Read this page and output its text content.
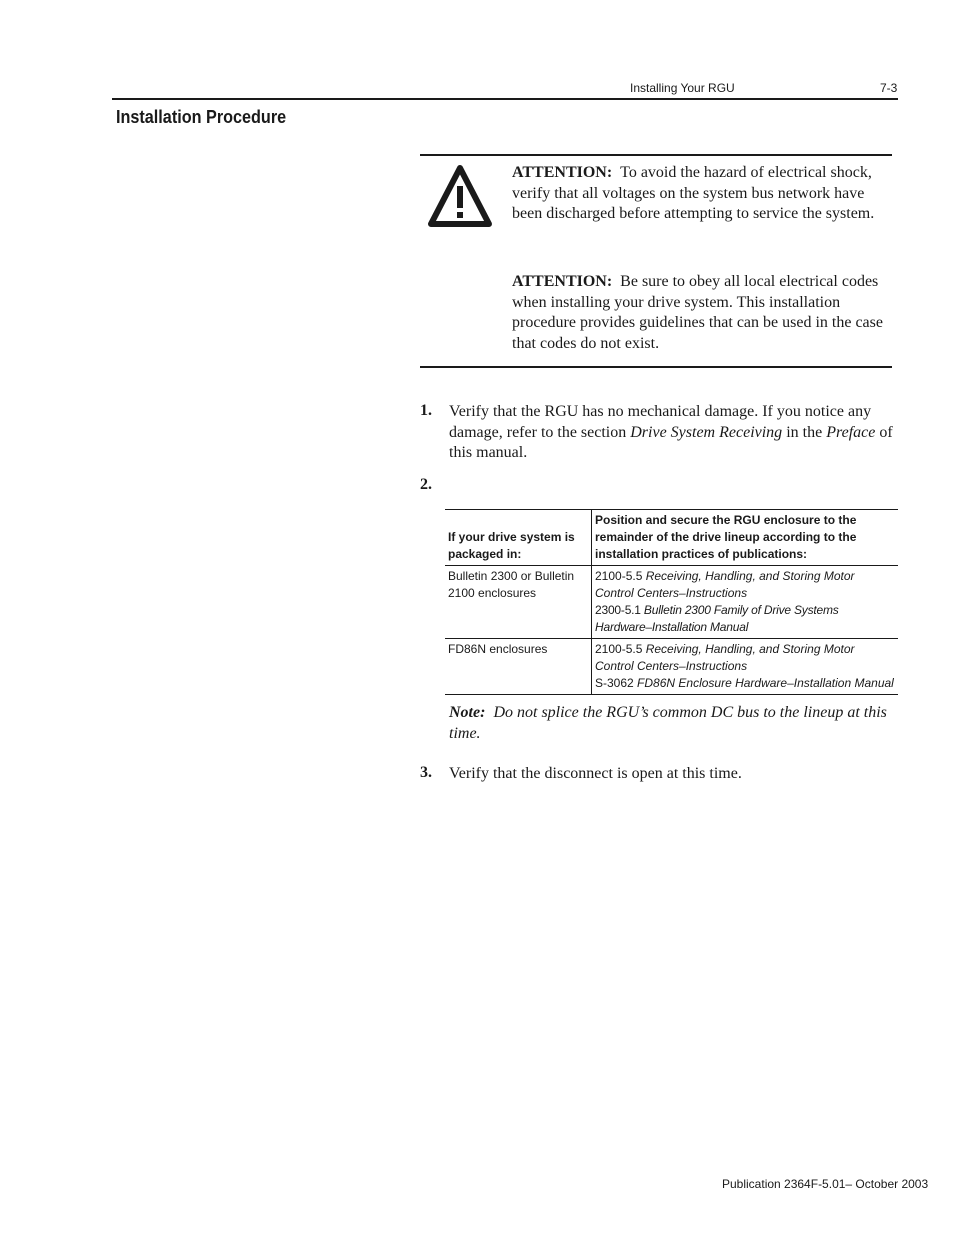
Installing Your RGU	7-3
Installation Procedure
ATTENTION: To avoid the hazard of electrical shock, verify that all voltages on the system bus network have been discharged before attempting to service the system.
ATTENTION: Be sure to obey all local electrical codes when installing your drive system. This installation procedure provides guidelines that can be used in the case that codes do not exist.
1. Verify that the RGU has no mechanical damage. If you notice any damage, refer to the section Drive System Receiving in the Preface of this manual.
2.
If your drive system is packaged in:	Position and secure the RGU enclosure to the remainder of the drive lineup according to the installation practices of publications:
Bulletin 2300 or Bulletin 2100 enclosures	2100-5.5 Receiving, Handling, and Storing Motor Control Centers–Instructions
2300-5.1 Bulletin 2300 Family of Drive Systems Hardware–Installation Manual

FD86N enclosures	2100-5.5 Receiving, Handling, and Storing Motor Control Centers–Instructions
S-3062 FD86N Enclosure Hardware–Installation Manual
Note: Do not splice the RGU’s common DC bus to the lineup at this time.
3. Verify that the disconnect is open at this time.
Publication 2364F-5.01– October 2003
